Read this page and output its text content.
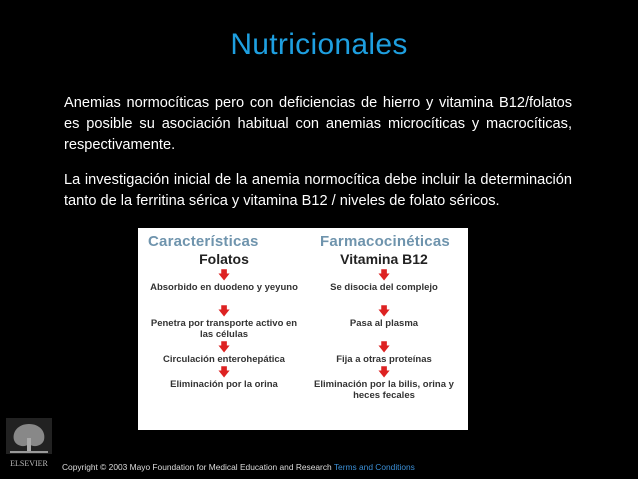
Nutricionales
Anemias normocíticas pero con deficiencias de hierro y vitamina B12/folatos es posible su asociación habitual con anemias microcíticas y macrocíticas, respectivamente.
La investigación inicial de la anemia normocítica debe incluir la determinación tanto de la ferritina sérica y vitamina B12 / niveles de folato séricos.
Características	Farmacocinéticas
Folatos
🡇
Absorbido en duodeno y yeyuno
🡇
Penetra por transporte activo en las células
🡇
Circulación enterohepática
🡇
Eliminación por la orina
Vitamina B12
🡇
Se disocia del complejo
🡇
Pasa al plasma
🡇
Fija a otras proteínas
🡇
Eliminación por la bilis, orina y heces fecales
ELSEVIER	Copyright © 2003 Mayo Foundation for Medical Education and Research Terms and Conditions
